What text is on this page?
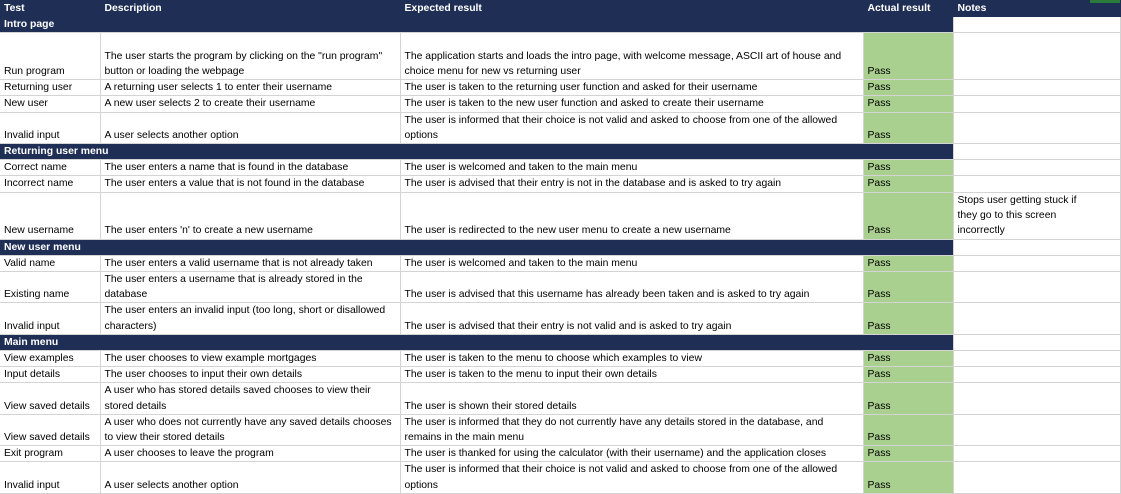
Test	Description	Expected result	Actual result	Notes
Intro page				
Run program	The user starts the program by clicking on the "run program"
button or loading the webpage	The application starts and loads the intro page, with welcome message, ASCII art of house and
choice menu for new vs returning user	Pass	
Returning user	A returning user selects 1 to enter their username	The user is taken to the returning user function and asked for their username	Pass	
New user	A new user selects 2 to create their username	The user is taken to the new user function and asked to create their username	Pass	
Invalid input	A user selects another option	The user is informed that their choice is not valid and asked to choose from one of the allowed
options	Pass	
Returning user menu				
Correct name	The user enters a name that is found in the database	The user is welcomed and taken to the main menu	Pass	
Incorrect name	The user enters a value that is not found in the database	The user is advised that their entry is not in the database and is asked to try again	Pass	
New username	The user enters 'n' to create a new username	The user is redirected to the new user menu to create a new username	Pass	Stops user getting stuck if
they go to this screen
incorrectly
New user menu				
Valid name	The user enters a valid username that is not already taken	The user is welcomed and taken to the main menu	Pass	
Existing name	The user enters a username that is already stored in the
database	The user is advised that this username has already been taken and is asked to try again	Pass	
Invalid input	The user enters an invalid input (too long, short or disallowed
characters)	The user is advised that their entry is not valid and is asked to try again	Pass	
Main menu				
View examples	The user chooses to view example mortgages	The user is taken to the menu to choose which examples to view	Pass	
Input details	The user chooses to input their own details	The user is taken to the menu to input their own details	Pass	
View saved details	A user who has stored details saved chooses to view their
stored details	The user is shown their stored details	Pass	
View saved details	A user who does not currently have any saved details chooses
to view their stored details	The user is informed that they do not currently have any details stored in the database, and
remains in the main menu	Pass	
Exit program	A user chooses to leave the program	The user is thanked for using the calculator (with their username) and the application closes	Pass	
Invalid input	A user selects another option	The user is informed that their choice is not valid and asked to choose from one of the allowed
options	Pass	
